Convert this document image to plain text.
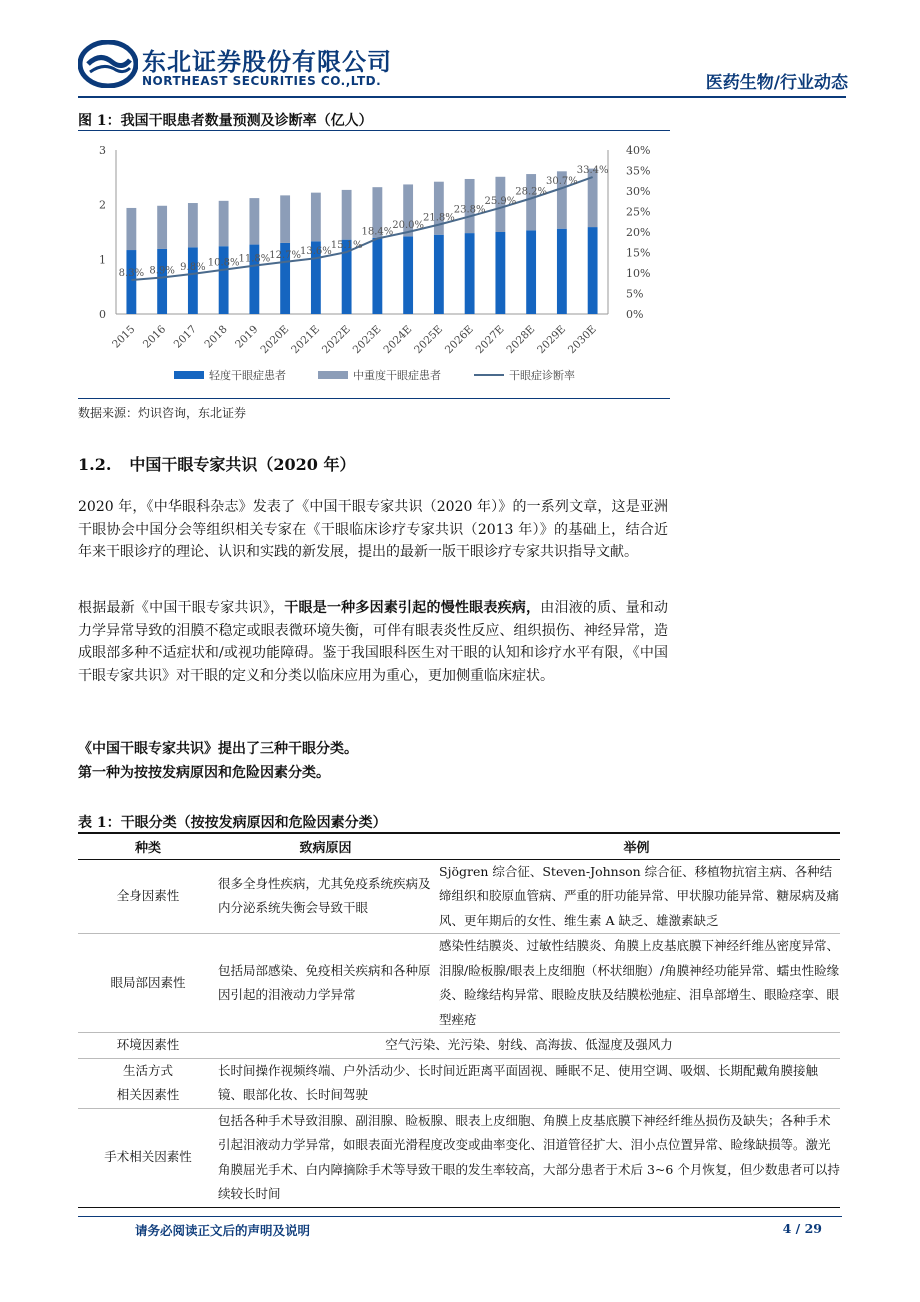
东北证券股份有限公司
NORTHEAST SECURITIES CO.,LTD.	医药生物/行业动态
图 1：我国干眼患者数量预测及诊断率（亿人）
0
1
2
3
0%
5%
10%
15%
20%
25%
30%
35%
40%
2015 2016 2017 2018 2019
2020E
2021E
2022E
2023E
2024E
2025E
2026E
2027E
2028E
2029E
2030E
8.3% 8.9% 9.8% 10.8%
11.8%
12.7%
13.6%
15.1%
18.4%
20.0%
21.8%
23.8%
25.9%
28.2%
30.7%
33.4%
轻度干眼症患者	中重度干眼症患者	干眼症诊断率
数据来源：灼识咨询，东北证券
1.2. 中国干眼专家共识（2020 年）
2020 年，《中华眼科杂志》发表了《中国干眼专家共识（2020 年）》的一系列文章，这是亚洲干眼协会中国分会等组织相关专家在《干眼临床诊疗专家共识（2013 年）》的基础上，结合近年来干眼诊疗的理论、认识和实践的新发展，提出的最新一版干眼诊疗专家共识指导文献。
根据最新《中国干眼专家共识》，干眼是一种多因素引起的慢性眼表疾病，由泪液的质、量和动力学异常导致的泪膜不稳定或眼表微环境失衡，可伴有眼表炎性反应、组织损伤、神经异常，造成眼部多种不适症状和/或视功能障碍。鉴于我国眼科医生对干眼的认知和诊疗水平有限，《中国干眼专家共识》对干眼的定义和分类以临床应用为重心，更加侧重临床症状。
《中国干眼专家共识》提出了三种干眼分类。
第一种为按按发病原因和危险因素分类。
表 1：干眼分类（按按发病原因和危险因素分类）
种类	致病原因	举例
全身因素性	很多全身性疾病，尤其免疫系统疾病及内分泌系统失衡会导致干眼	Sjögren 综合征、Steven-Johnson 综合征、移植物抗宿主病、各种结缔组织和胶原血管病、严重的肝功能异常、甲状腺功能异常、糖尿病及痛风、更年期后的女性、维生素 A 缺乏、雄激素缺乏
眼局部因素性	包括局部感染、免疫相关疾病和各种原因引起的泪液动力学异常	感染性结膜炎、过敏性结膜炎、角膜上皮基底膜下神经纤维丛密度异常、泪腺/睑板腺/眼表上皮细胞（杯状细胞）/角膜神经功能异常、蠕虫性睑缘炎、睑缘结构异常、眼睑皮肤及结膜松弛症、泪阜部增生、眼睑痉挛、眼型痤疮
环境因素性	空气污染、光污染、射线、高海拔、低湿度及强风力	

生活方式
相关因素性	长时间操作视频终端、户外活动少、长时间近距离平面固视、睡眠不足、使用空调、吸烟、长期配戴角膜接触镜、眼部化妆、长时间驾驶	
手术相关因素性	包括各种手术导致泪腺、副泪腺、睑板腺、眼表上皮细胞、角膜上皮基底膜下神经纤维丛损伤及缺失；各种手术引起泪液动力学异常，如眼表面光滑程度改变或曲率变化、泪道管径扩大、泪小点位置异常、睑缘缺损等。激光角膜屈光手术、白内障摘除手术等导致干眼的发生率较高，大部分患者于术后 3~6 个月恢复，但少数患者可以持续较长时间	
请务必阅读正文后的声明及说明	4 / 29
